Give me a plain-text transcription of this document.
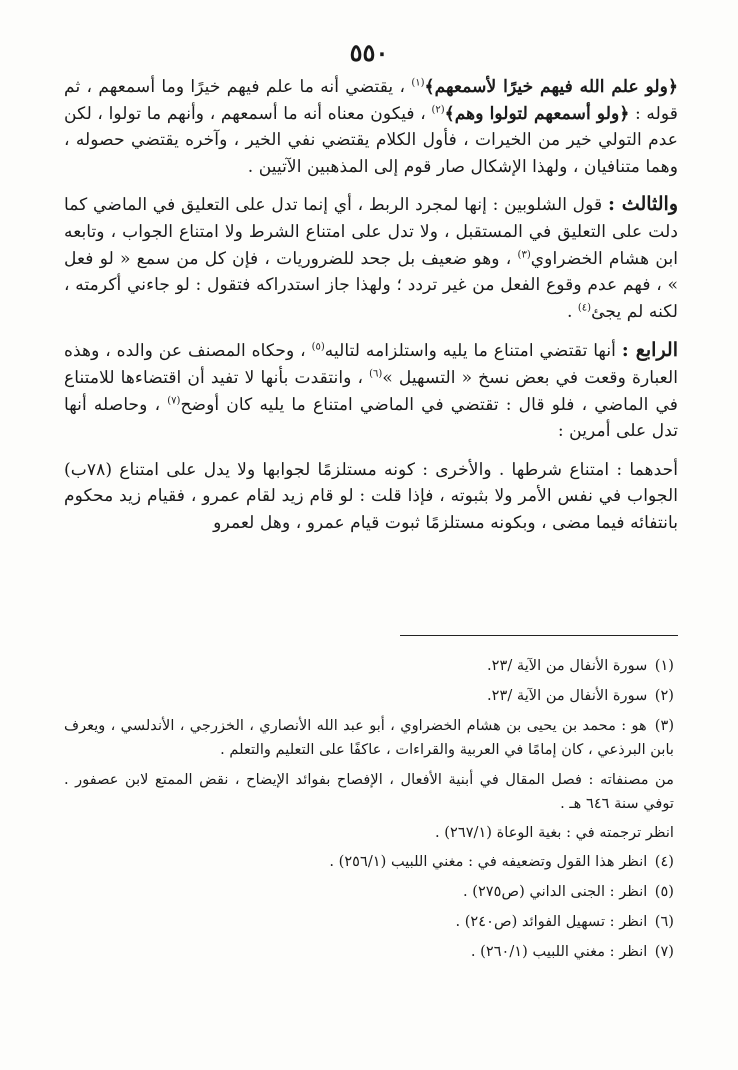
٥٥٠

﴿ولو علم الله فيهم خيرًا لأسمعهم﴾$^{(١)}$ ، يقتضي أنه ما علم فيهم خيرًا وما أسمعهم ، ثم قوله : ﴿ولو أسمعهم لتولوا وهم﴾$^{(٢)}$ ، فيكون معناه أنه ما أسمعهم ، وأنهم ما تولوا ، لكن عدم التولي خير من الخيرات ، فأول الكلام يقتضي نفي الخير ، وآخره يقتضي حصوله ، وهما متنافيان ، ولهذا الإشكال صار قوم إلى المذهبين الآتيين .

والثالث : قول الشلوبين : إنها لمجرد الربط ، أي إنما تدل على التعليق في الماضي كما دلت على التعليق في المستقبل ، ولا تدل على امتناع الشرط ولا امتناع الجواب ، وتابعه ابن هشام الخضراوي$^{(٣)}$ ، وهو ضعيف بل جحد للضروريات ، فإن كل من سمع « لو فعل » ، فهم عدم وقوع الفعل من غير تردد ؛ ولهذا جاز استدراكه فتقول : لو جاءني أكرمته ، لكنه لم يجئ$^{(٤)}$ .

الرابع : أنها تقتضي امتناع ما يليه واستلزامه لتاليه$^{(٥)}$ ، وحكاه المصنف عن والده ، وهذه العبارة وقعت في بعض نسخ « التسهيل »$^{(٦)}$ ، وانتقدت بأنها لا تفيد أن اقتضاءها للامتناع في الماضي ، فلو قال : تقتضي في الماضي امتناع ما يليه كان أوضح$^{(٧)}$ ، وحاصله أنها تدل على أمرين :

أحدهما : امتناع شرطها . والأخرى : كونه مستلزمًا لجوابها ولا يدل على امتناع (٧٨ب) الجواب في نفس الأمر ولا بثبوته ، فإذا قلت : لو قام زيد لقام عمرو ، فقيام زيد محكوم بانتفائه فيما مضى ، وبكونه مستلزمًا ثبوت قيام عمرو ، وهل لعمرو

(١) سورة الأنفال من الآية /٢٣.

(٢) سورة الأنفال من الآية /٢٣.

(٣) هو : محمد بن يحيى بن هشام الخضراوي ، أبو عبد الله الأنصاري ، الخزرجي ، الأندلسي ، ويعرف بابن البرذعي ، كان إمامًا في العربية والقراءات ، عاكفًا على التعليم والتعلم .

من مصنفاته : فصل المقال في أبنية الأفعال ، الإفصاح بفوائد الإيضاح ، نقض الممتع لابن عصفور . توفي سنة ٦٤٦ هـ .

انظر ترجمته في : بغية الوعاة (٢٦٧/١) .

(٤) انظر هذا القول وتضعيفه في : مغني اللبيب (٢٥٦/١) .

(٥) انظر : الجنى الداني (ص٢٧٥) .

(٦) انظر : تسهيل الفوائد (ص٢٤٠) .

(٧) انظر : مغني اللبيب (٢٦٠/١) .
